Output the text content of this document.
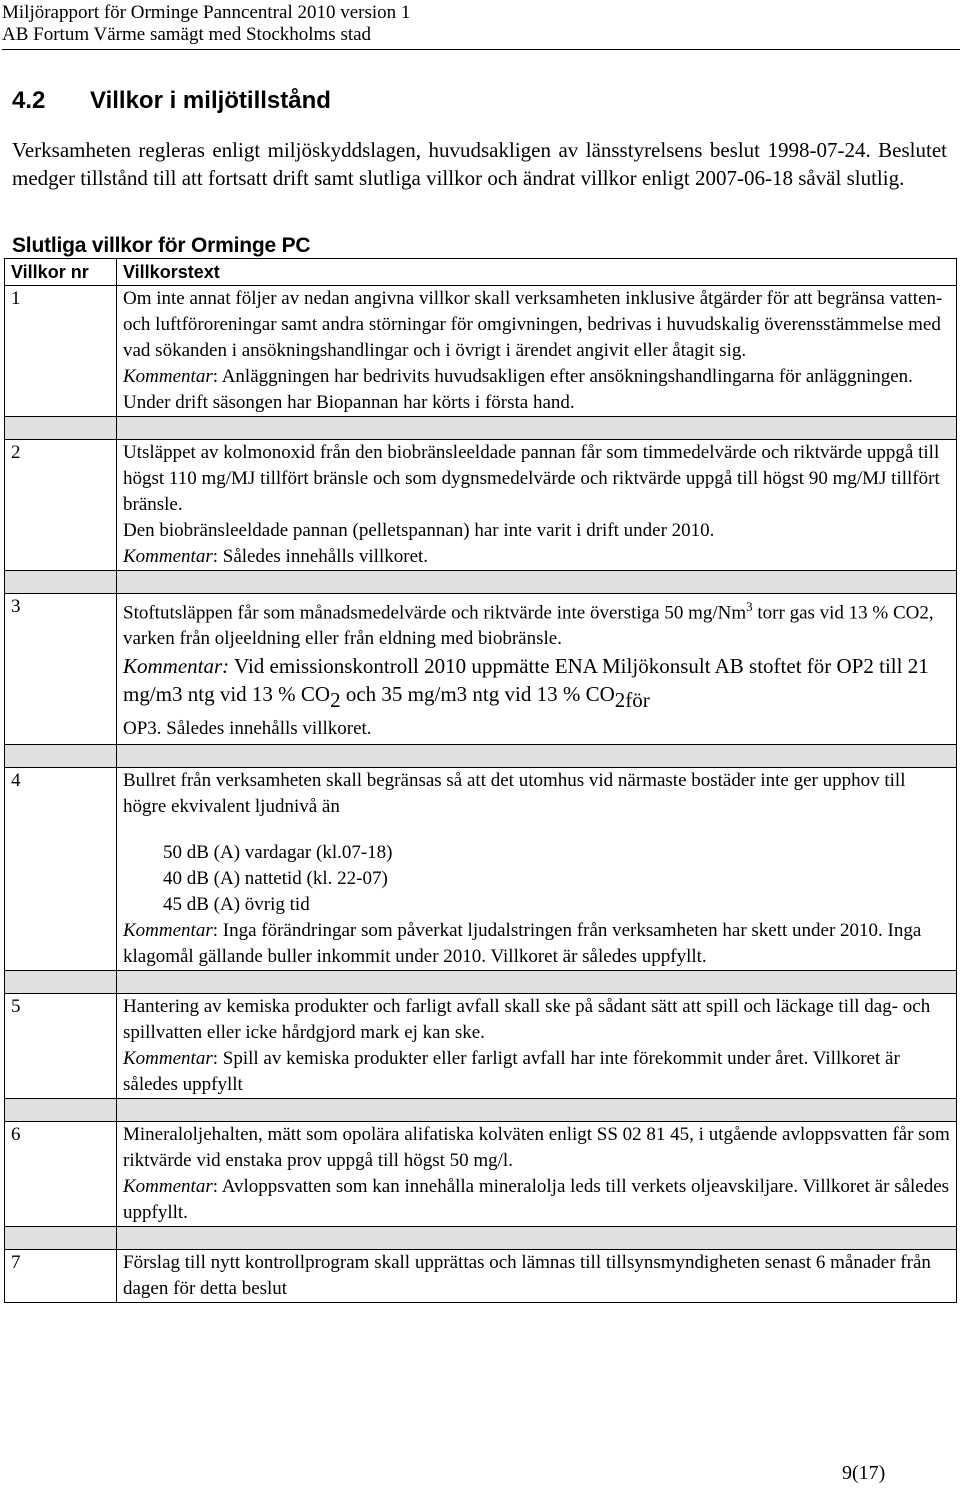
Miljörapport för Orminge Panncentral 2010 version 1
AB Fortum Värme samägt med Stockholms stad
4.2 Villkor i miljötillstånd
Verksamheten regleras enligt miljöskyddslagen, huvudsakligen av länsstyrelsens beslut 1998-07-24. Beslutet medger tillstånd till att fortsatt drift samt slutliga villkor och ändrat villkor enligt 2007-06-18 såväl slutlig.
Slutliga villkor för Orminge PC
Villkor nr	Villkorstext
1	Om inte annat följer av nedan angivna villkor skall verksamheten inklusive åtgärder för att begränsa vatten- och luftföroreningar samt andra störningar för omgivningen, bedrivas i huvudskalig överensstämmelse med vad sökanden i ansökningshandlingar och i övrigt i ärendet angivit eller åtagit sig.
Kommentar: Anläggningen har bedrivits huvudsakligen efter ansökningshandlingarna för anläggningen. Under drift säsongen har Biopannan har körts i första hand.

2	Utsläppet av kolmonoxid från den biobränsleeldade pannan får som timmedelvärde och riktvärde uppgå till högst 110 mg/MJ tillfört bränsle och som dygnsmedelvärde och riktvärde uppgå till högst 90 mg/MJ tillfört bränsle.
Den biobränsleeldade pannan (pelletspannan) har inte varit i drift under 2010.
Kommentar: Således innehålls villkoret.

3	Stoftutsläppen får som månadsmedelvärde och riktvärde inte överstiga 50 mg/Nm$^3$ torr gas vid 13 % CO2, varken från oljeeldning eller från eldning med biobränsle.
Kommentar: Vid emissionskontroll 2010 uppmätte ENA Miljökonsult AB stoftet för OP2 till 21 mg/m3 ntg vid 13 % CO2 och 35 mg/m3 ntg vid 13 % CO2för
OP3. Således innehålls villkoret.

4	Bullret från verksamheten skall begränsas så att det utomhus vid närmaste bostäder inte ger upphov till högre ekvivalent ljudnivå än
50 dB (A) vardagar (kl.07-18)
40 dB (A) nattetid (kl. 22-07)
45 dB (A) övrig tid
Kommentar: Inga förändringar som påverkat ljudalstringen från verksamheten har skett under 2010. Inga klagomål gällande buller inkommit under 2010. Villkoret är således uppfyllt.

5	Hantering av kemiska produkter och farligt avfall skall ske på sådant sätt att spill och läckage till dag- och spillvatten eller icke hårdgjord mark ej kan ske.
Kommentar: Spill av kemiska produkter eller farligt avfall har inte förekommit under året. Villkoret är således uppfyllt

6	Mineraloljehalten, mätt som opolära alifatiska kolväten enligt SS 02 81 45, i utgående avloppsvatten får som riktvärde vid enstaka prov uppgå till högst 50 mg/l.
Kommentar: Avloppsvatten som kan innehålla mineralolja leds till verkets oljeavskiljare. Villkoret är således uppfyllt.

7	Förslag till nytt kontrollprogram skall upprättas och lämnas till tillsynsmyndigheten senast 6 månader från dagen för detta beslut
9(17)
